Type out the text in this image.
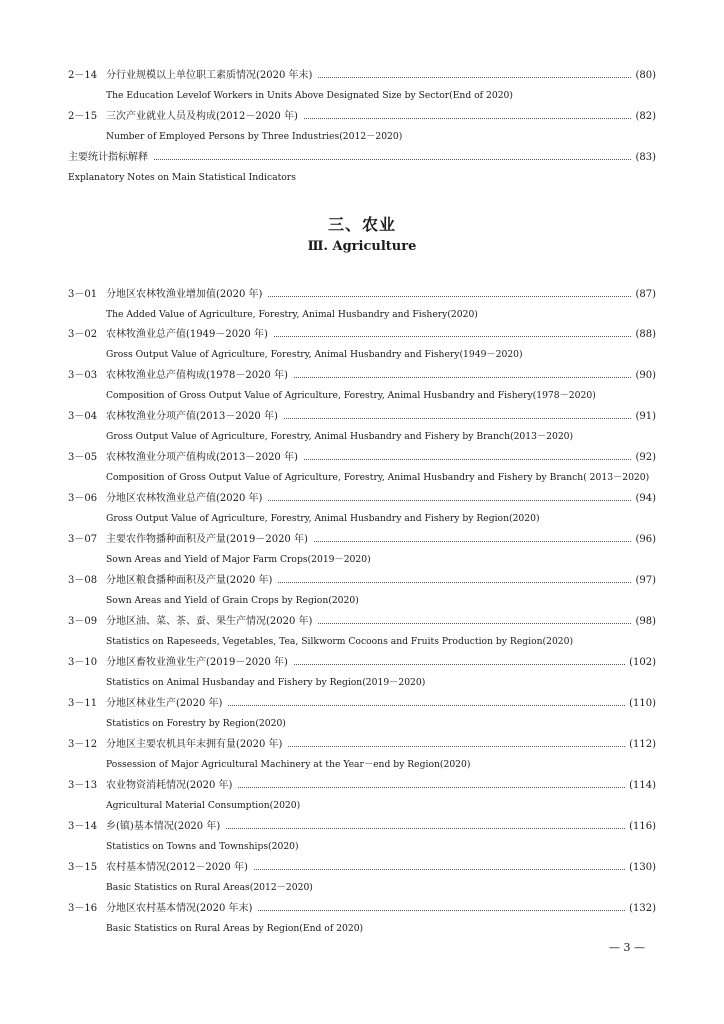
2－14 分行业规模以上单位职工素质情况(2020 年末)	(80)
The Education Levelof Workers in Units Above Designated Size by Sector(End of 2020)
2－15 三次产业就业人员及构成(2012－2020 年)	(82)
Number of Employed Persons by Three Industries(2012－2020)
主要统计指标解释	(83)
Explanatory Notes on Main Statistical Indicators
三、农业
Ⅲ. Agriculture
3－01 分地区农林牧渔业增加值(2020 年)	(87)
The Added Value of Agriculture, Forestry, Animal Husbandry and Fishery(2020)
3－02 农林牧渔业总产值(1949－2020 年)	(88)
Gross Output Value of Agriculture, Forestry, Animal Husbandry and Fishery(1949－2020)
3－03 农林牧渔业总产值构成(1978－2020 年)	(90)
Composition of Gross Output Value of Agriculture, Forestry, Animal Husbandry and Fishery(1978－2020)
3－04 农林牧渔业分项产值(2013－2020 年)	(91)
Gross Output Value of Agriculture, Forestry, Animal Husbandry and Fishery by Branch(2013－2020)
3－05 农林牧渔业分项产值构成(2013－2020 年)	(92)
Composition of Gross Output Value of Agriculture, Forestry, Animal Husbandry and Fishery by Branch( 2013－2020)
3－06 分地区农林牧渔业总产值(2020 年)	(94)
Gross Output Value of Agriculture, Forestry, Animal Husbandry and Fishery by Region(2020)
3－07 主要农作物播种面积及产量(2019－2020 年)	(96)
Sown Areas and Yield of Major Farm Crops(2019－2020)
3－08 分地区粮食播种面积及产量(2020 年)	(97)
Sown Areas and Yield of Grain Crops by Region(2020)
3－09 分地区油、菜、茶、蚕、果生产情况(2020 年)	(98)
Statistics on Rapeseeds, Vegetables, Tea, Silkworm Cocoons and Fruits Production by Region(2020)
3－10 分地区畜牧业渔业生产(2019－2020 年)	(102)
Statistics on Animal Husbanday and Fishery by Region(2019－2020)
3－11 分地区林业生产(2020 年)	(110)
Statistics on Forestry by Region(2020)
3－12 分地区主要农机具年末拥有量(2020 年)	(112)
Possession of Major Agricultural Machinery at the Year－end by Region(2020)
3－13 农业物资消耗情况(2020 年)	(114)
Agricultural Material Consumption(2020)
3－14 乡(镇)基本情况(2020 年)	(116)
Statistics on Towns and Townships(2020)
3－15 农村基本情况(2012－2020 年)	(130)
Basic Statistics on Rural Areas(2012－2020)
3－16 分地区农村基本情况(2020 年末)	(132)
Basic Statistics on Rural Areas by Region(End of 2020)
— 3 —
